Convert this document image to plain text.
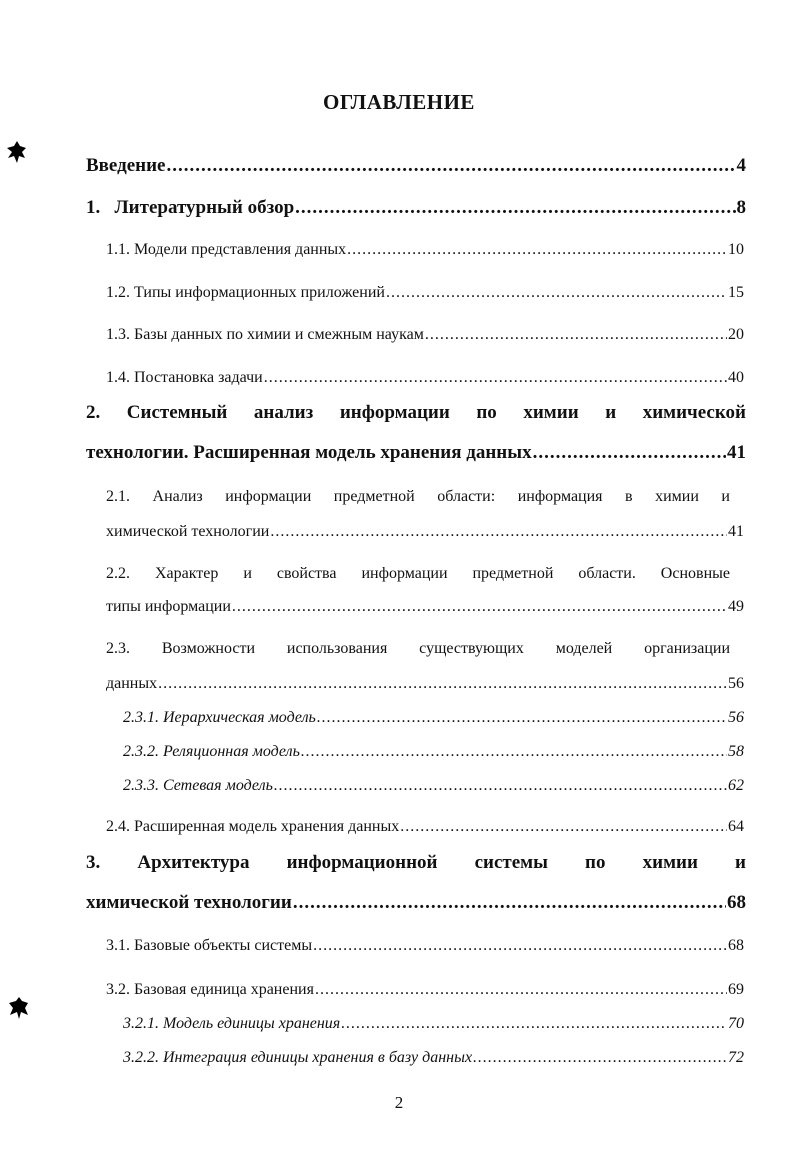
ОГЛАВЛЕНИЕ
Введение .....	4
1.   Литературный обзор .....	8
1.1. Модели представления данных .....	10
1.2. Типы информационных приложений .....	15
1.3. Базы данных по химии и смежным наукам .....	20
1.4. Постановка задачи .....	40
2. Системный анализ информации по химии и химической
технологии. Расширенная модель хранения данных .....	41
2.1. Анализ информации предметной области: информация в химии и
химической технологии .....	41
2.2. Характер и свойства информации предметной области. Основные
типы информации .....	49
2.3. Возможности использования существующих моделей организации
данных .....	56
2.3.1. Иерархическая модель .....	56
2.3.2. Реляционная модель .....	58
2.3.3. Сетевая модель .....	62
2.4. Расширенная модель хранения данных .....	64
3. Архитектура информационной системы по химии и
химической технологии .....	68
3.1. Базовые объекты системы .....	68
3.2. Базовая единица хранения .....	69
3.2.1. Модель единицы хранения .....	70
3.2.2. Интеграция единицы хранения в базу данных .....	72
2
